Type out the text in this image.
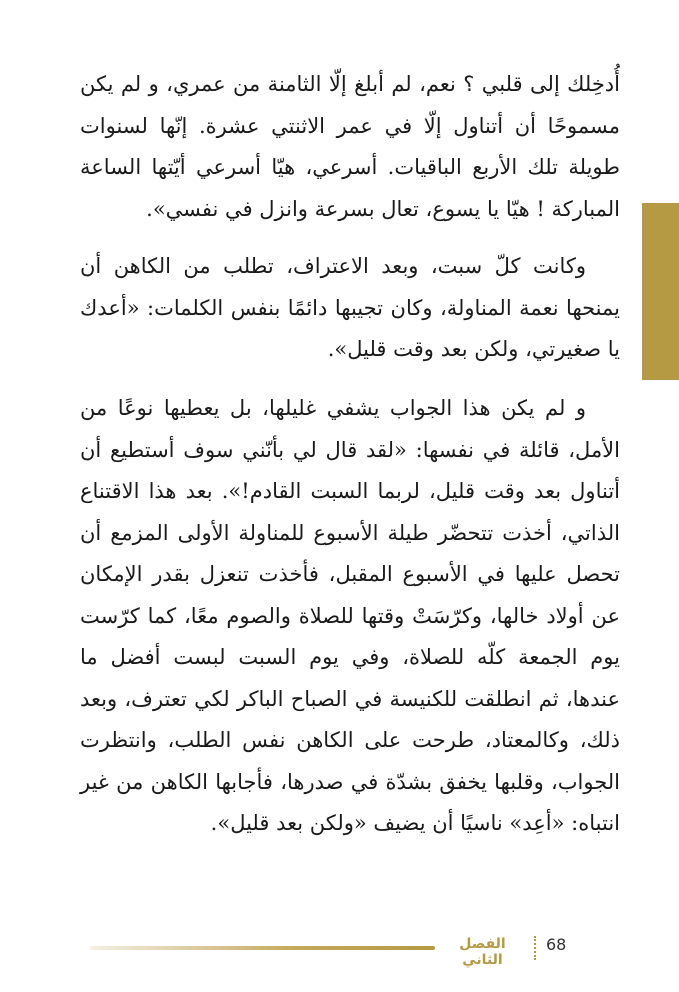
أُدخِلك إلى قلبي ؟ نعم، لم أبلغ إلّا الثامنة من عمري، و لم يكن مسموحًا أن أتناول إلّا في عمر الاثنتي عشرة. إنّها لسنوات طويلة تلك الأربع الباقيات. أسرعي، هيّا أسرعي أيّتها الساعة المباركة ! هيّا يا يسوع، تعال بسرعة وانزل في نفسي».

وكانت كلّ سبت، وبعد الاعتراف، تطلب من الكاهن أن يمنحها نعمة المناولة، وكان تجيبها دائمًا بنفس الكلمات: «أعدك يا صغيرتي، ولكن بعد وقت قليل».

و لم يكن هذا الجواب يشفي غليلها، بل يعطيها نوعًا من الأمل، قائلة في نفسها: «لقد قال لي بأنّني سوف أستطيع أن أتناول بعد وقت قليل، لربما السبت القادم!». بعد هذا الاقتناع الذاتي، أخذت تتحضّر طيلة الأسبوع للمناولة الأولى المزمع أن تحصل عليها في الأسبوع المقبل، فأخذت تنعزل بقدر الإمكان عن أولاد خالها، وكرّسَتْ وقتها للصلاة والصوم معًا، كما كرّست يوم الجمعة كلّه للصلاة، وفي يوم السبت لبست أفضل ما عندها، ثم انطلقت للكنيسة في الصباح الباكر لكي تعترف، وبعد ذلك، وكالمعتاد، طرحت على الكاهن نفس الطلب، وانتظرت الجواب، وقلبها يخفق بشدّة في صدرها، فأجابها الكاهن من غير انتباه: «أعِد» ناسيًا أن يضيف «ولكن بعد قليل».

الفصل الثاني
68
